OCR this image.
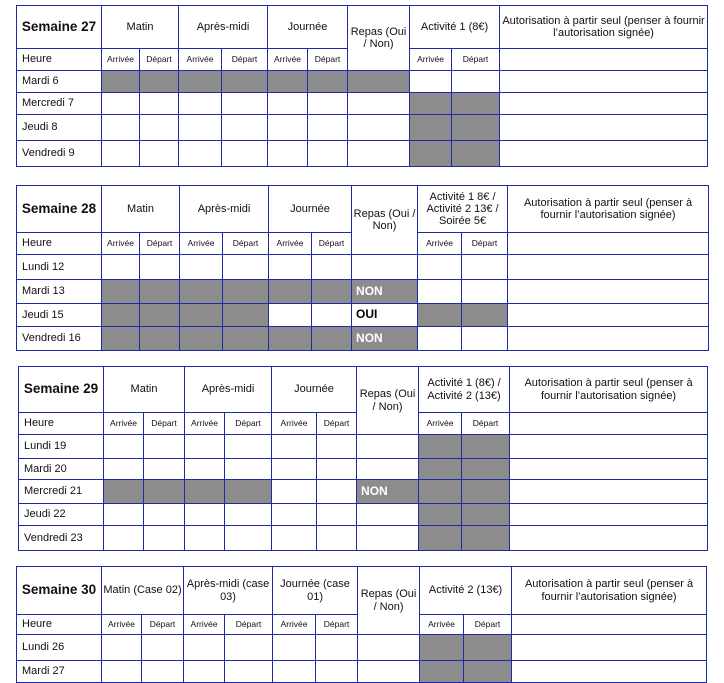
Semaine 27	Matin		Après-midi		Journée		Repas (Oui / Non)	Activité 1 (8€)		Autorisation à partir seul (penser à fournir l’autorisation signée)
Heure	Arrivée	Départ	Arrivée	Départ	Arrivée	Départ		Arrivée	Départ	
Mardi 6										
Mercredi 7										
Jeudi 8										
Vendredi 9										
Semaine 28	Matin		Après-midi		Journée		Repas (Oui / Non)	Activité 1 8€ / Activité 2 13€ / Soirée 5€		Autorisation à partir seul (penser à fournir l’autorisation signée)
Heure	Arrivée	Départ	Arrivée	Départ	Arrivée	Départ		Arrivée	Départ	
Lundi 12										
Mardi 13							NON			
Jeudi 15							OUI			
Vendredi 16							NON			
Semaine 29	Matin		Après-midi		Journée		Repas (Oui / Non)	Activité 1 (8€) / Activité 2 (13€)		Autorisation à partir seul (penser à fournir l’autorisation signée)
Heure	Arrivée	Départ	Arrivée	Départ	Arrivée	Départ		Arrivée	Départ	
Lundi 19										
Mardi 20										
Mercredi 21							NON			
Jeudi 22										
Vendredi 23										
Semaine 30	Matin (Case 02)		Après-midi (case 03)		Journée (case 01)		Repas (Oui / Non)	Activité 2 (13€)		Autorisation à partir seul (penser à fournir l’autorisation signée)
Heure	Arrivée	Départ	Arrivée	Départ	Arrivée	Départ		Arrivée	Départ	
Lundi 26										
Mardi 27										
